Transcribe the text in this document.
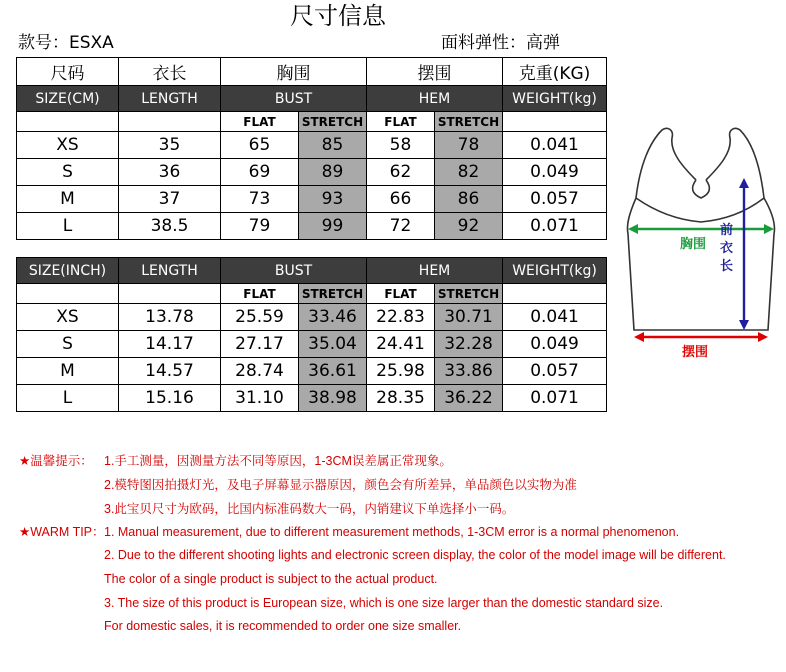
尺寸信息
款号：ESXA	面料弹性：高弹
尺码	衣长	胸围		摆围		克重(KG)
SIZE(CM)	LENGTH	BUST		HEM		WEIGHT(kg)
		FLAT	STRETCH	FLAT	STRETCH	
XS	35	65	85	58	78	0.041
S	36	69	89	62	82	0.049
M	37	73	93	66	86	0.057
L	38.5	79	99	72	92	0.071
SIZE(INCH)	LENGTH	BUST		HEM		WEIGHT(kg)
		FLAT	STRETCH	FLAT	STRETCH	
XS	13.78	25.59	33.46	22.83	30.71	0.041
S	14.17	27.17	35.04	24.41	32.28	0.049
M	14.57	28.74	36.61	25.98	33.86	0.057
L	15.16	31.10	38.98	28.35	36.22	0.071
胸围
前
衣
长
摆围
★温馨提示： 1.手工测量，因测量方法不同等原因，1-3CM误差属正常现象。
2.模特图因拍摄灯光，及电子屏幕显示器原因，颜色会有所差异，单品颜色以实物为准
3.此宝贝尺寸为欧码，比国内标准码数大一码，内销建议下单选择小一码。
★WARM TIP： 1. Manual measurement, due to different measurement methods, 1-3CM error is a normal phenomenon.
2. Due to the different shooting lights and electronic screen display, the color of the model image will be different.
The color of a single product is subject to the actual product.
3. The size of this product is European size, which is one size larger than the domestic standard size.
For domestic sales, it is recommended to order one size smaller.
